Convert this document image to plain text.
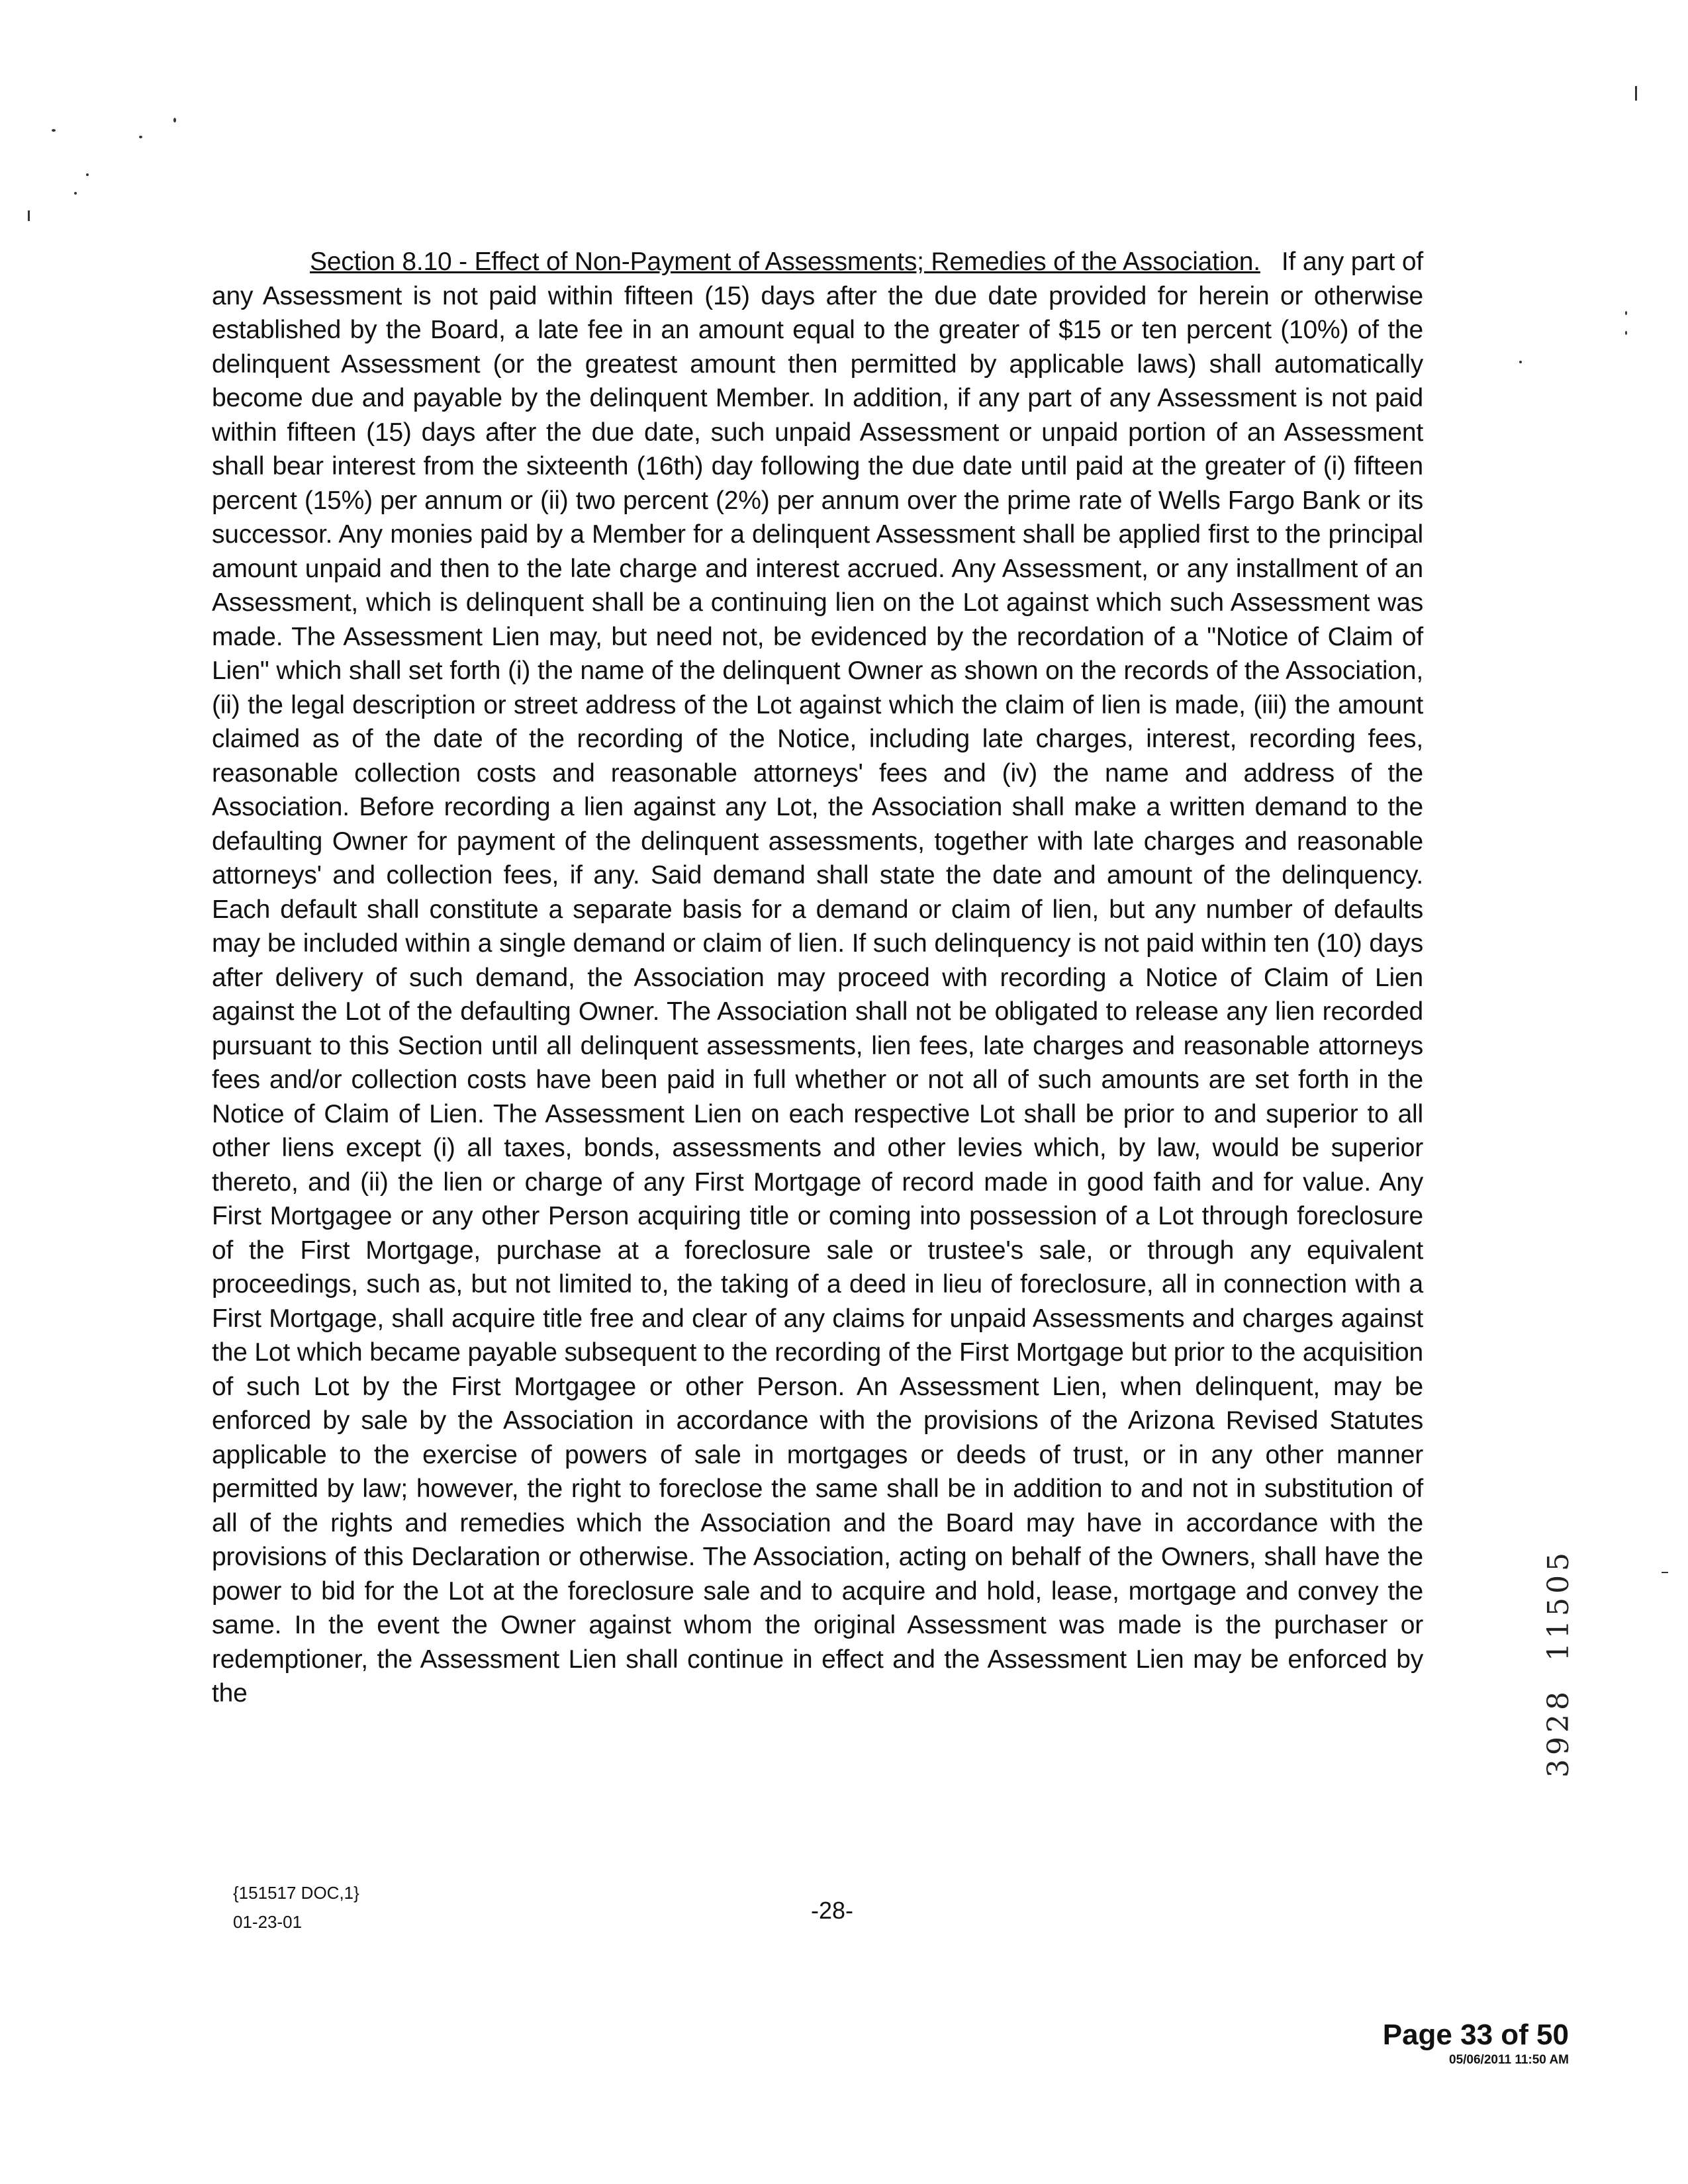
Section 8.10 - Effect of Non-Payment of Assessments; Remedies of the Association. If any part of any Assessment is not paid within fifteen (15) days after the due date provided for herein or otherwise established by the Board, a late fee in an amount equal to the greater of $15 or ten percent (10%) of the delinquent Assessment (or the greatest amount then permitted by applicable laws) shall automatically become due and payable by the delinquent Member. In addition, if any part of any Assessment is not paid within fifteen (15) days after the due date, such unpaid Assessment or unpaid portion of an Assessment shall bear interest from the sixteenth (16th) day following the due date until paid at the greater of (i) fifteen percent (15%) per annum or (ii) two percent (2%) per annum over the prime rate of Wells Fargo Bank or its successor. Any monies paid by a Member for a delinquent Assessment shall be applied first to the principal amount unpaid and then to the late charge and interest accrued. Any Assessment, or any installment of an Assessment, which is delinquent shall be a continuing lien on the Lot against which such Assessment was made. The Assessment Lien may, but need not, be evidenced by the recordation of a "Notice of Claim of Lien" which shall set forth (i) the name of the delinquent Owner as shown on the records of the Association, (ii) the legal description or street address of the Lot against which the claim of lien is made, (iii) the amount claimed as of the date of the recording of the Notice, including late charges, interest, recording fees, reasonable collection costs and reasonable attorneys' fees and (iv) the name and address of the Association. Before recording a lien against any Lot, the Association shall make a written demand to the defaulting Owner for payment of the delinquent assessments, together with late charges and reasonable attorneys' and collection fees, if any. Said demand shall state the date and amount of the delinquency. Each default shall constitute a separate basis for a demand or claim of lien, but any number of defaults may be included within a single demand or claim of lien. If such delinquency is not paid within ten (10) days after delivery of such demand, the Association may proceed with recording a Notice of Claim of Lien against the Lot of the defaulting Owner. The Association shall not be obligated to release any lien recorded pursuant to this Section until all delinquent assessments, lien fees, late charges and reasonable attorneys fees and/or collection costs have been paid in full whether or not all of such amounts are set forth in the Notice of Claim of Lien. The Assessment Lien on each respective Lot shall be prior to and superior to all other liens except (i) all taxes, bonds, assessments and other levies which, by law, would be superior thereto, and (ii) the lien or charge of any First Mortgage of record made in good faith and for value. Any First Mortgagee or any other Person acquiring title or coming into possession of a Lot through foreclosure of the First Mortgage, purchase at a foreclosure sale or trustee's sale, or through any equivalent proceedings, such as, but not limited to, the taking of a deed in lieu of foreclosure, all in connection with a First Mortgage, shall acquire title free and clear of any claims for unpaid Assessments and charges against the Lot which became payable subsequent to the recording of the First Mortgage but prior to the acquisition of such Lot by the First Mortgagee or other Person. An Assessment Lien, when delinquent, may be enforced by sale by the Association in accordance with the provisions of the Arizona Revised Statutes applicable to the exercise of powers of sale in mortgages or deeds of trust, or in any other manner permitted by law; however, the right to foreclose the same shall be in addition to and not in substitution of all of the rights and remedies which the Association and the Board may have in accordance with the provisions of this Declaration or otherwise. The Association, acting on behalf of the Owners, shall have the power to bid for the Lot at the foreclosure sale and to acquire and hold, lease, mortgage and convey the same. In the event the Owner against whom the original Assessment was made is the purchaser or redemptioner, the Assessment Lien shall continue in effect and the Assessment Lien may be enforced by the
{151517 DOC,1}
01-23-01	-28-
11505
3928
Page 33 of 50
05/06/2011 11:50 AM
